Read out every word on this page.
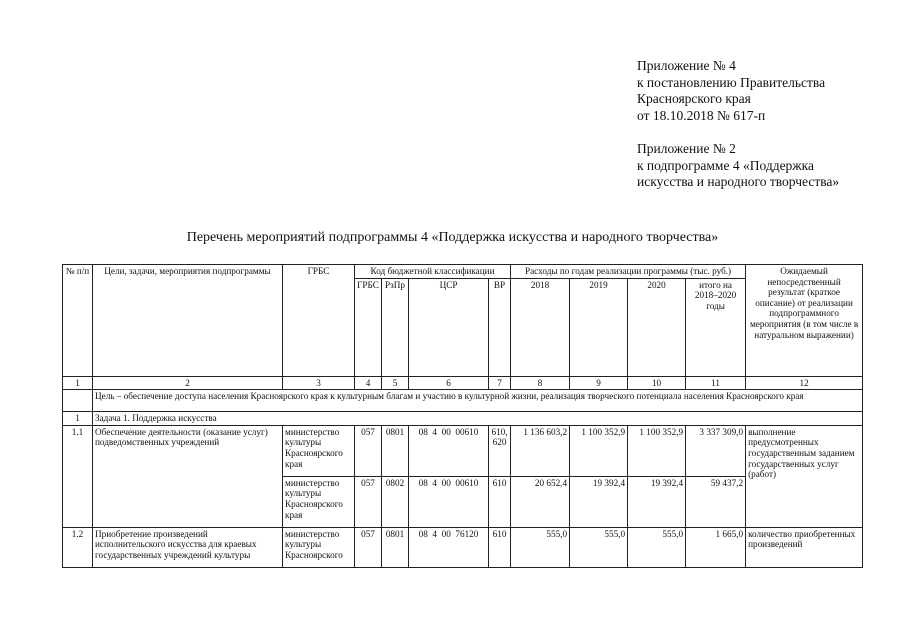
Приложение № 4
к постановлению Правительства
Красноярского края
от 18.10.2018 № 617-п
Приложение № 2
к подпрограмме 4 «Поддержка
искусства и народного творчества»
Перечень мероприятий подпрограммы 4 «Поддержка искусства и народного творчества»
№ п/п	Цели, задачи, мероприятия подпрограммы	ГРБС	Код бюджетной классификации				Расходы по годам реализации программы (тыс. руб.)				Ожидаемый непосредственный результат (краткое описание) от реализации подпрограммного мероприятия (в том числе в натуральном выражении)
			ГРБС	РзПр	ЦСР	ВР	2018	2019	2020	итого на 2018–2020 годы	
1	2	3	4	5	6	7	8	9	10	11	12
	Цель – обеспечение доступа населения Красноярского края к культурным благам и участию в культурной жизни, реализация творческого потенциала населения Красноярского края										
1	Задача 1. Поддержка искусства										
1.1	Обеспечение деятельности (оказание услуг) подведомственных учреждений	министерство культуры Красноярского края	057	0801	08 4 00 00610	610, 620	1 136 603,2	1 100 352,9	1 100 352,9	3 337 309,0	выполнение предусмотренных государственным заданием государственных услуг (работ)
		министерство культуры Красноярского края	057	0802	08 4 00 00610	610	20 652,4	19 392,4	19 392,4	59 437,2	
1.2	Приобретение произведений исполнительского искусства для краевых государственных учреждений культуры	министерство культуры Красноярского	057	0801	08 4 00 76120	610	555,0	555,0	555,0	1 665,0	количество приобретенных произведений
